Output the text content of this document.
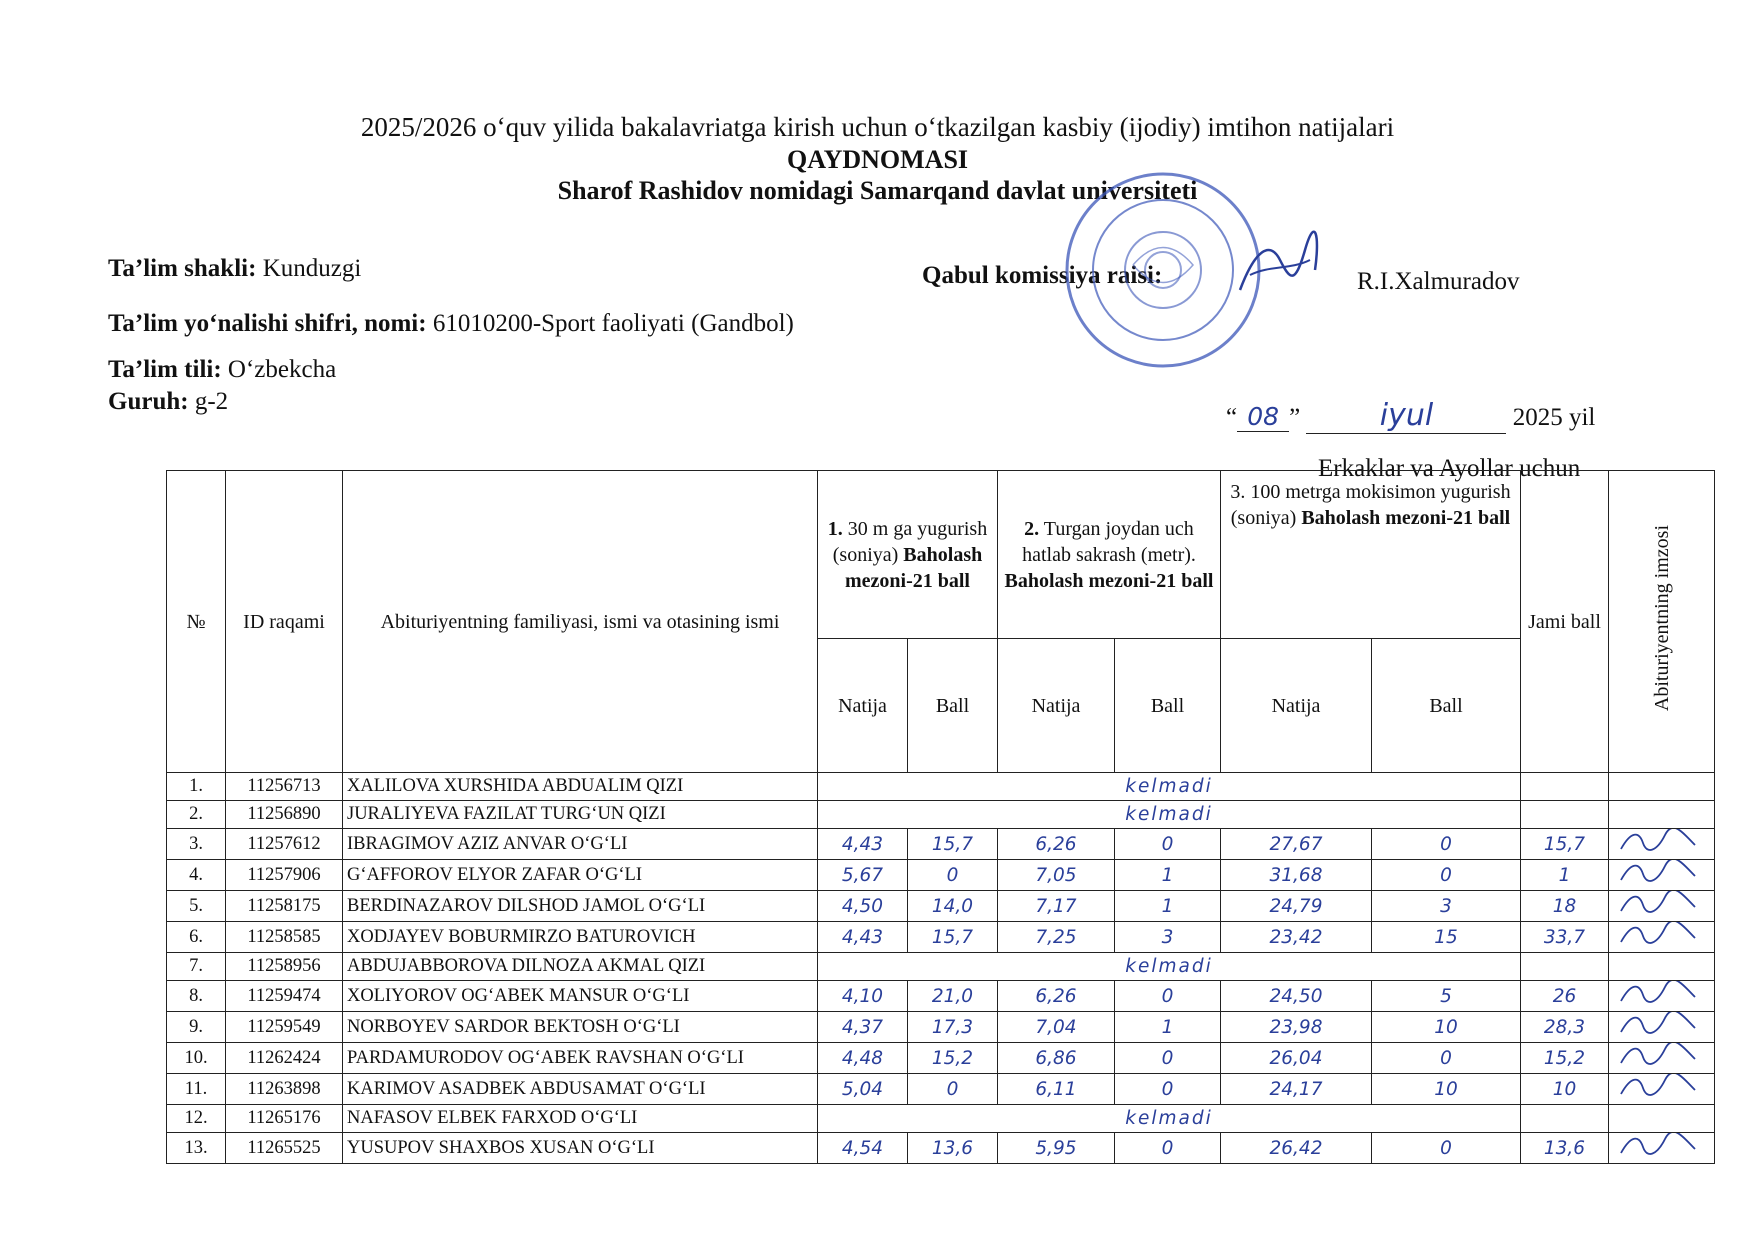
2025/2026 o‘quv yilida bakalavriatga kirish uchun o‘tkazilgan kasbiy (ijodiy) imtihon natijalari
QAYDNOMASI
Sharof Rashidov nomidagi Samarqand davlat universiteti
Ta’lim shakli: Kunduzgi
Ta’lim yo‘nalishi shifri, nomi: 61010200-Sport faoliyati (Gandbol)
Ta’lim tili: O‘zbekcha
Guruh: g-2
Qabul komissiya raisi:	R.I.Xalmuradov
“ 08 ”	iyul	2025 yil
Erkaklar va Ayollar uchun
№	ID raqami	Abituriyentning familiyasi, ismi va otasining ismi	1. 30 m ga yugurish (soniya) Baholash mezoni-21 ball		2. Turgan joydan uch hatlab sakrash (metr). Baholash mezoni-21 ball		3. 100 metrga mokisimon yugurish (soniya) Baholash mezoni-21 ball		Jami ball	Abituriyentning imzosi
			Natija	Ball	Natija	Ball	Natija	Ball		
1.	11256713	XALILOVA XURSHIDA ABDUALIM QIZI	kelmadi							
2.	11256890	JURALIYEVA FAZILAT TURG‘UN QIZI	kelmadi							
3.	11257612	IBRAGIMOV AZIZ ANVAR O‘G‘LI	4,43	15,7	6,26	0	27,67	0	15,7	
4.	11257906	G‘AFFOROV ELYOR ZAFAR O‘G‘LI	5,67	0	7,05	1	31,68	0	1	
5.	11258175	BERDINAZAROV DILSHOD JAMOL O‘G‘LI	4,50	14,0	7,17	1	24,79	3	18	
6.	11258585	XODJAYEV BOBURMIRZO BATUROVICH	4,43	15,7	7,25	3	23,42	15	33,7	
7.	11258956	ABDUJABBOROVA DILNOZA AKMAL QIZI	kelmadi							
8.	11259474	XOLIYOROV OG‘ABEK MANSUR O‘G‘LI	4,10	21,0	6,26	0	24,50	5	26	
9.	11259549	NORBOYEV SARDOR BEKTOSH O‘G‘LI	4,37	17,3	7,04	1	23,98	10	28,3	
10.	11262424	PARDAMURODOV OG‘ABEK RAVSHAN O‘G‘LI	4,48	15,2	6,86	0	26,04	0	15,2	
11.	11263898	KARIMOV ASADBEK ABDUSAMAT O‘G‘LI	5,04	0	6,11	0	24,17	10	10	
12.	11265176	NAFASOV ELBEK FARXOD O‘G‘LI	kelmadi							
13.	11265525	YUSUPOV SHAXBOS XUSAN O‘G‘LI	4,54	13,6	5,95	0	26,42	0	13,6	
